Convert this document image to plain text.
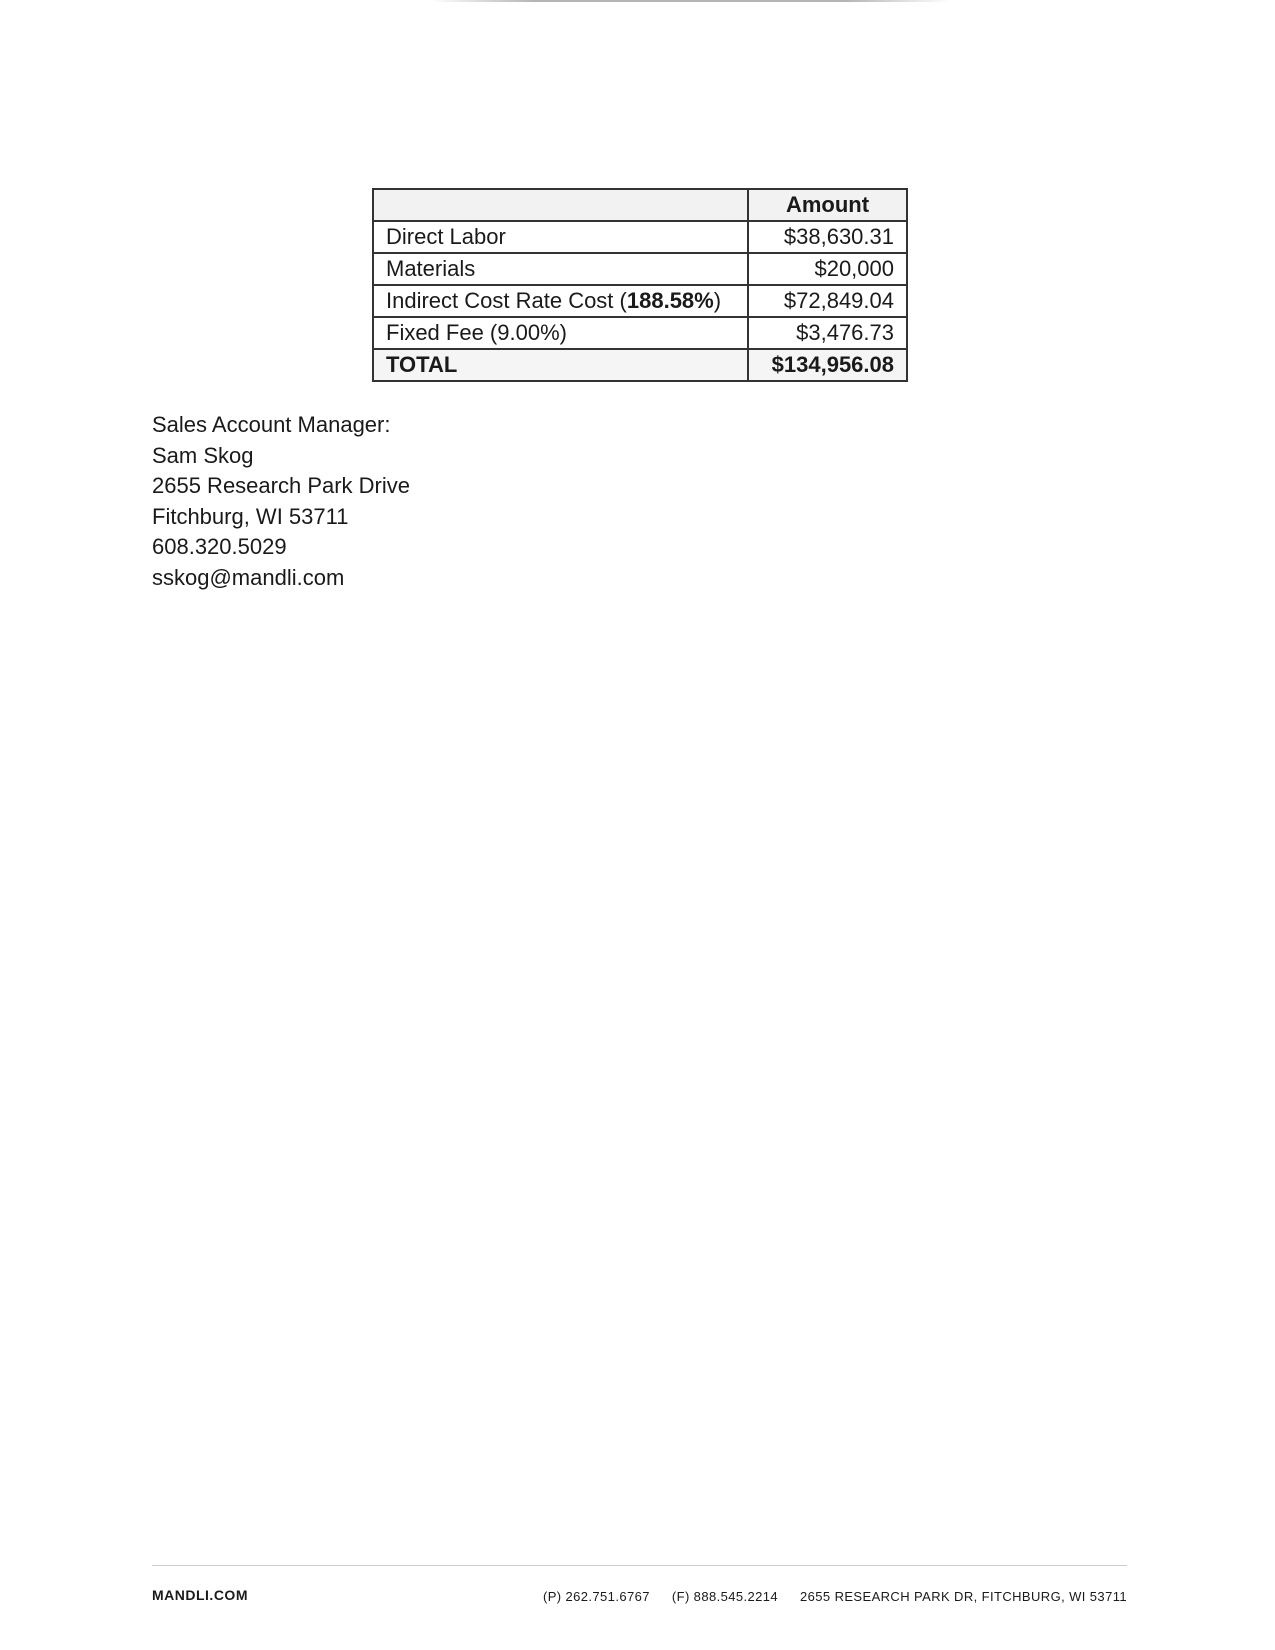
	Amount
Direct Labor	$38,630.31
Materials	$20,000
Indirect Cost Rate Cost (188.58%)	$72,849.04
Fixed Fee (9.00%)	$3,476.73
TOTAL	$134,956.08
Sales Account Manager:
Sam Skog
2655 Research Park Drive
Fitchburg, WI 53711
608.320.5029
sskog@mandli.com
MANDLI.COM	(P) 262.751.6767 (F) 888.545.2214 2655 RESEARCH PARK DR, FITCHBURG, WI 53711
